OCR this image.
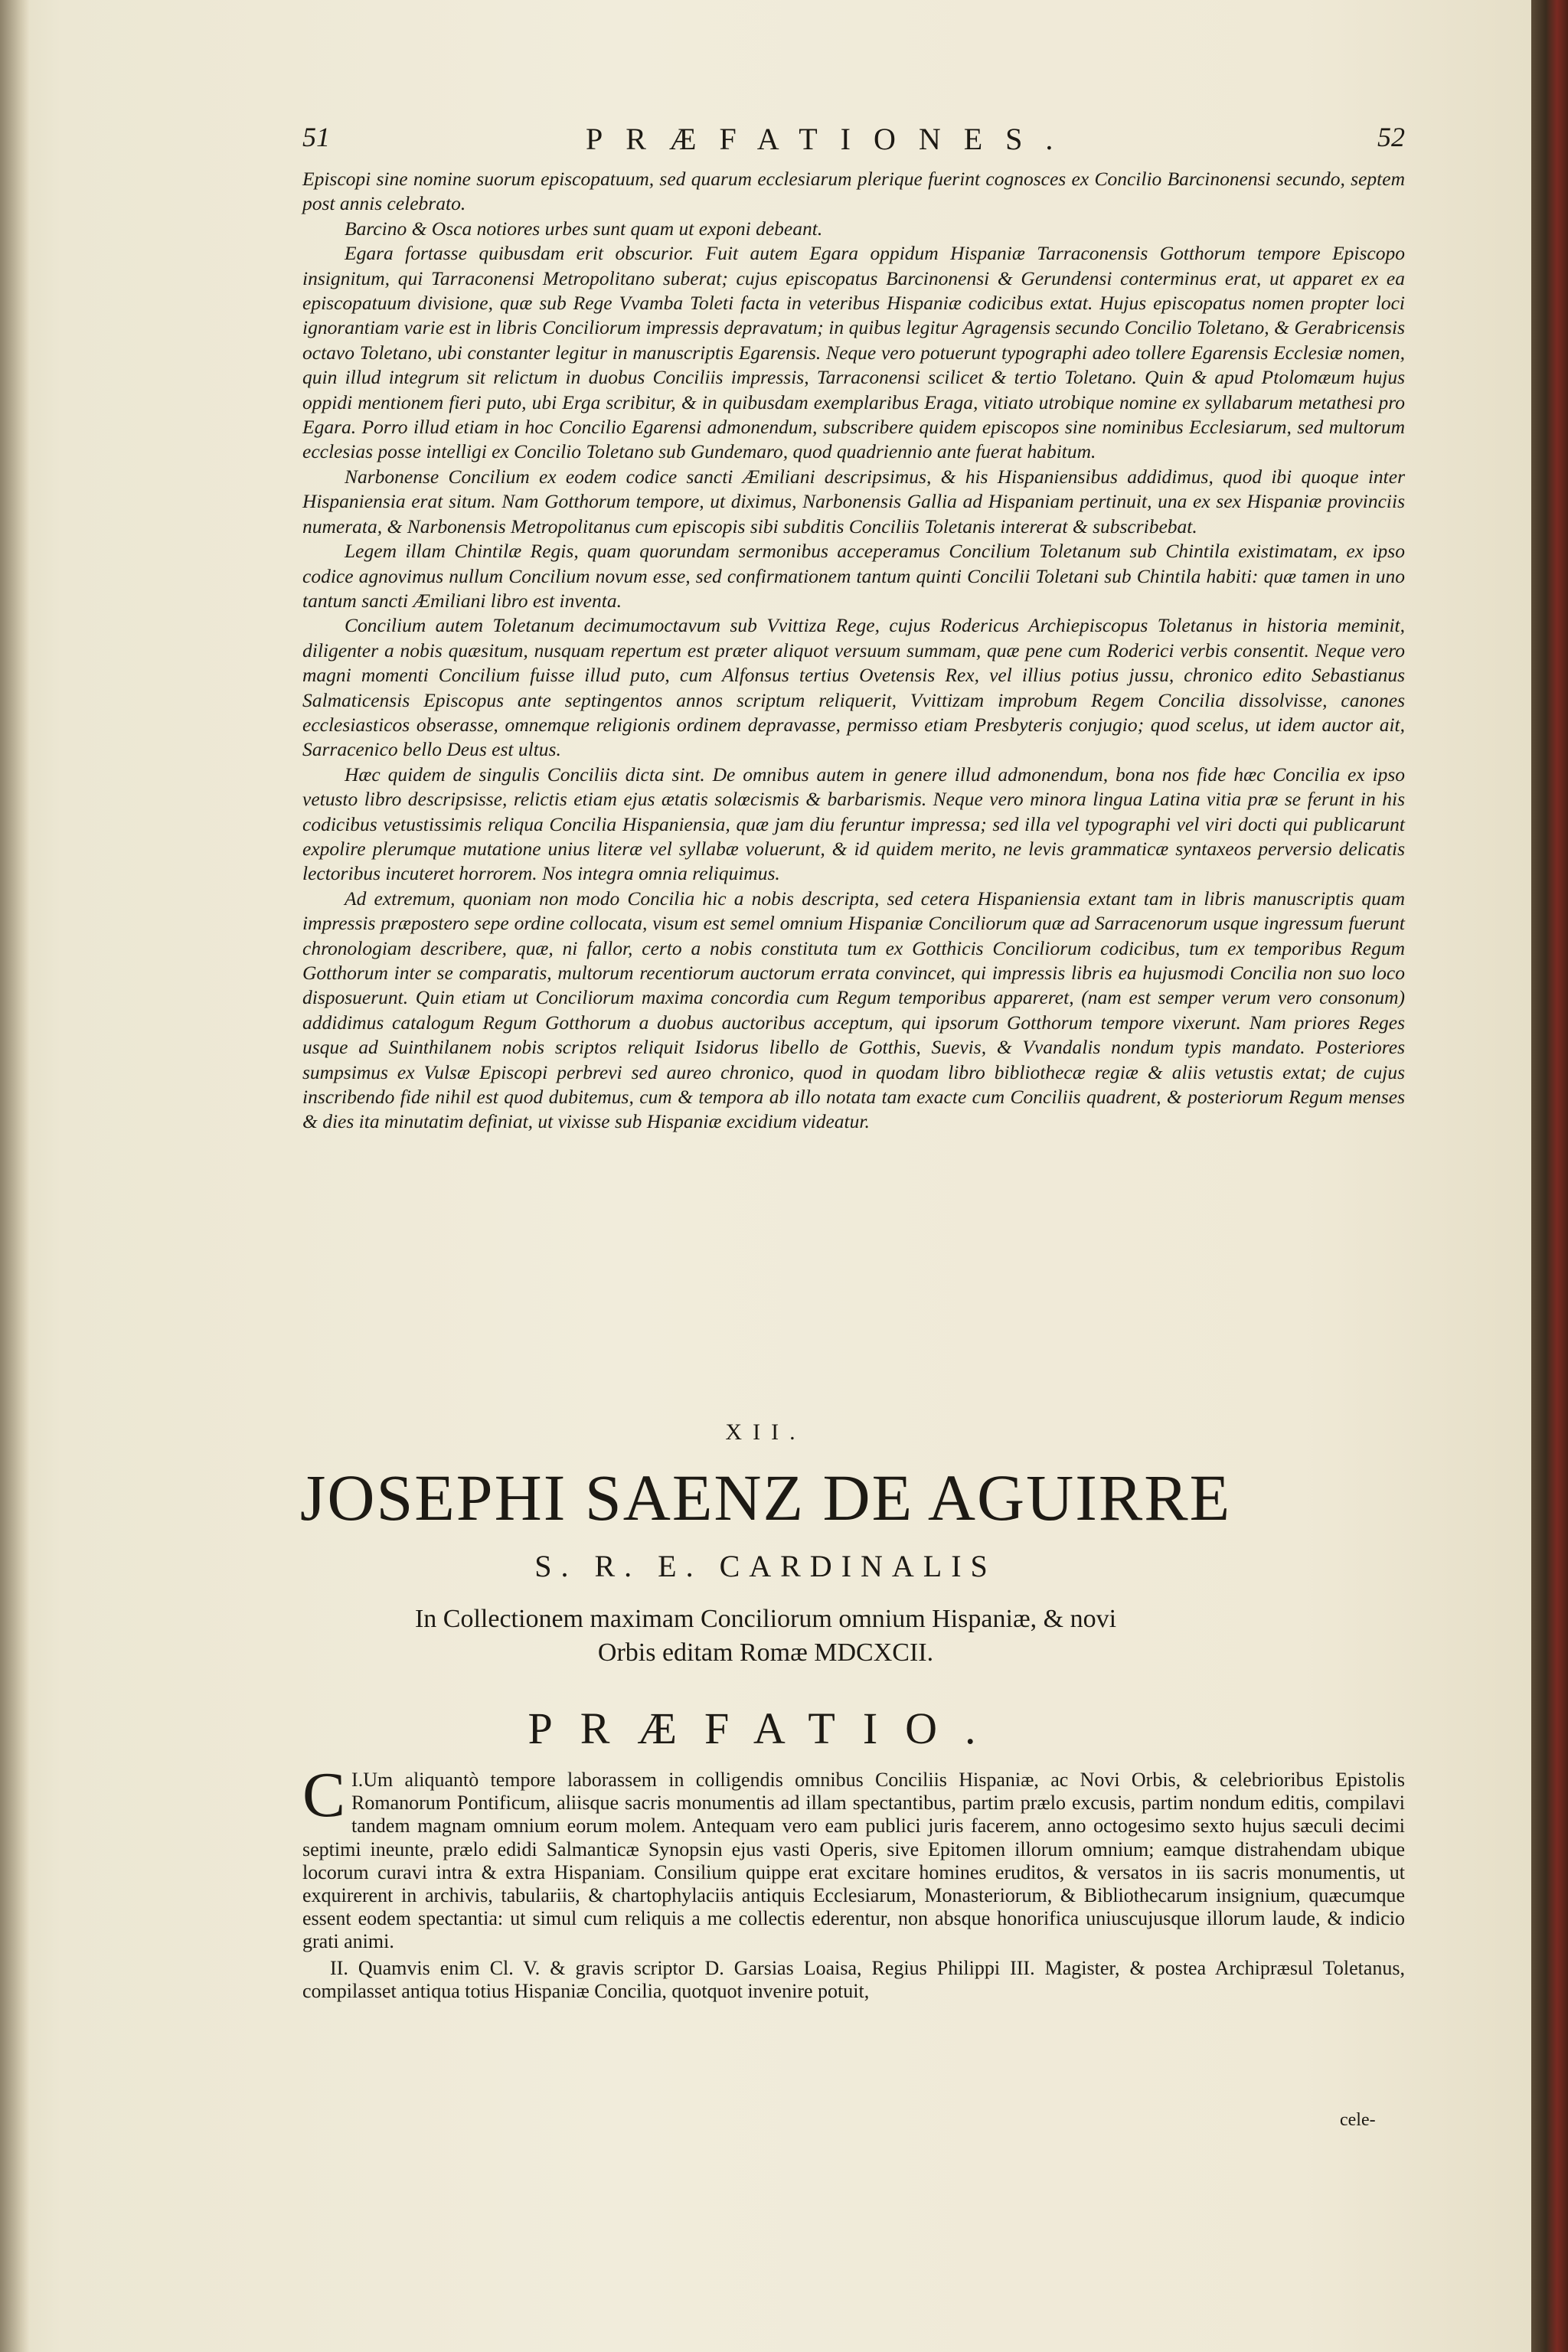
51	PRÆFATIONES.	52

Episcopi sine nomine suorum episcopatuum, sed quarum ecclesiarum plerique fuerint cognosces ex Concilio Barcinonensi secundo, septem post annis celebrato.

Barcino & Osca notiores urbes sunt quam ut exponi debeant.

Egara fortasse quibusdam erit obscurior. Fuit autem Egara oppidum Hispaniæ Tarraconensis Gotthorum tempore Episcopo insignitum, qui Tarraconensi Metropolitano suberat; cujus episcopatus Barcinonensi & Gerundensi conterminus erat, ut apparet ex ea episcopatuum divisione, quæ sub Rege Vvamba Toleti facta in veteribus Hispaniæ codicibus extat. Hujus episcopatus nomen propter loci ignorantiam varie est in libris Conciliorum impressis depravatum; in quibus legitur Agragensis secundo Concilio Toletano, & Gerabricensis octavo Toletano, ubi constanter legitur in manuscriptis Egarensis. Neque vero potuerunt typographi adeo tollere Egarensis Ecclesiæ nomen, quin illud integrum sit relictum in duobus Conciliis impressis, Tarraconensi scilicet & tertio Toletano. Quin & apud Ptolomæum hujus oppidi mentionem fieri puto, ubi Erga scribitur, & in quibusdam exemplaribus Eraga, vitiato utrobique nomine ex syllabarum metathesi pro Egara. Porro illud etiam in hoc Concilio Egarensi admonendum, subscribere quidem episcopos sine nominibus Ecclesiarum, sed multorum ecclesias posse intelligi ex Concilio Toletano sub Gundemaro, quod quadriennio ante fuerat habitum.

Narbonense Concilium ex eodem codice sancti Æmiliani descripsimus, & his Hispaniensibus addidimus, quod ibi quoque inter Hispaniensia erat situm. Nam Gotthorum tempore, ut diximus, Narbonensis Gallia ad Hispaniam pertinuit, una ex sex Hispaniæ provinciis numerata, & Narbonensis Metropolitanus cum episcopis sibi subditis Conciliis Toletanis intererat & subscribebat.

Legem illam Chintilæ Regis, quam quorundam sermonibus acceperamus Concilium Toletanum sub Chintila existimatam, ex ipso codice agnovimus nullum Concilium novum esse, sed confirmationem tantum quinti Concilii Toletani sub Chintila habiti: quæ tamen in uno tantum sancti Æmiliani libro est inventa.

Concilium autem Toletanum decimumoctavum sub Vvittiza Rege, cujus Rodericus Archiepiscopus Toletanus in historia meminit, diligenter a nobis quæsitum, nusquam repertum est præter aliquot versuum summam, quæ pene cum Roderici verbis consentit. Neque vero magni momenti Concilium fuisse illud puto, cum Alfonsus tertius Ovetensis Rex, vel illius potius jussu, chronico edito Sebastianus Salmaticensis Episcopus ante septingentos annos scriptum reliquerit, Vvittizam improbum Regem Concilia dissolvisse, canones ecclesiasticos obserasse, omnemque religionis ordinem depravasse, permisso etiam Presbyteris conjugio; quod scelus, ut idem auctor ait, Sarracenico bello Deus est ultus.

Hæc quidem de singulis Conciliis dicta sint. De omnibus autem in genere illud admonendum, bona nos fide hæc Concilia ex ipso vetusto libro descripsisse, relictis etiam ejus ætatis solœcismis & barbarismis. Neque vero minora lingua Latina vitia præ se ferunt in his codicibus vetustissimis reliqua Concilia Hispaniensia, quæ jam diu feruntur impressa; sed illa vel typographi vel viri docti qui publicarunt expolire plerumque mutatione unius literæ vel syllabæ voluerunt, & id quidem merito, ne levis grammaticæ syntaxeos perversio delicatis lectoribus incuteret horrorem. Nos integra omnia reliquimus.

Ad extremum, quoniam non modo Concilia hic a nobis descripta, sed cetera Hispaniensia extant tam in libris manuscriptis quam impressis præpostero sepe ordine collocata, visum est semel omnium Hispaniæ Conciliorum quæ ad Sarracenorum usque ingressum fuerunt chronologiam describere, quæ, ni fallor, certo a nobis constituta tum ex Gotthicis Conciliorum codicibus, tum ex temporibus Regum Gotthorum inter se comparatis, multorum recentiorum auctorum errata convincet, qui impressis libris ea hujusmodi Concilia non suo loco disposuerunt. Quin etiam ut Conciliorum maxima concordia cum Regum temporibus appareret, (nam est semper verum vero consonum) addidimus catalogum Regum Gotthorum a duobus auctoribus acceptum, qui ipsorum Gotthorum tempore vixerunt. Nam priores Reges usque ad Suinthilanem nobis scriptos reliquit Isidorus libello de Gotthis, Suevis, & Vvandalis nondum typis mandato. Posteriores sumpsimus ex Vulsæ Episcopi perbrevi sed aureo chronico, quod in quodam libro bibliothecæ regiæ & aliis vetustis extat; de cujus inscribendo fide nihil est quod dubitemus, cum & tempora ab illo notata tam exacte cum Conciliis quadrent, & posteriorum Regum menses & dies ita minutatim definiat, ut vixisse sub Hispaniæ excidium videatur.

XII.
JOSEPHI SAENZ DE AGUIRRE
S. R. E. CARDINALIS
In Collectionem maximam Conciliorum omnium Hispaniæ, & novi
Orbis editam Romæ MDCXCII.
PRÆFATIO.

I.
C Um aliquantò tempore laborassem in colligendis omnibus Conciliis Hispaniæ, ac Novi Orbis, & celebrioribus Epistolis Romanorum Pontificum, aliisque sacris monumentis ad illam spectantibus, partim prælo excusis, partim nondum editis, compilavi tandem magnam omnium eorum molem. Antequam vero eam publici juris facerem, anno octogesimo sexto hujus sæculi decimi septimi ineunte, prælo edidi Salmanticæ Synopsin ejus vasti Operis, sive Epitomen illorum omnium; eamque distrahendam ubique locorum curavi intra & extra Hispaniam. Consilium quippe erat excitare homines eruditos, & versatos in iis sacris monumentis, ut exquirerent in archivis, tabulariis, & chartophylaciis antiquis Ecclesiarum, Monasteriorum, & Bibliothecarum insignium, quæcumque essent eodem spectantia: ut simul cum reliquis a me collectis ederentur, non absque honorifica uniuscujusque illorum laude, & indicio grati animi.

II. Quamvis enim Cl. V. & gravis scriptor D. Garsias Loaisa, Regius Philippi III. Magister, & postea Archipræsul Toletanus, compilasset antiqua totius Hispaniæ Concilia, quotquot invenire potuit,

cele-
